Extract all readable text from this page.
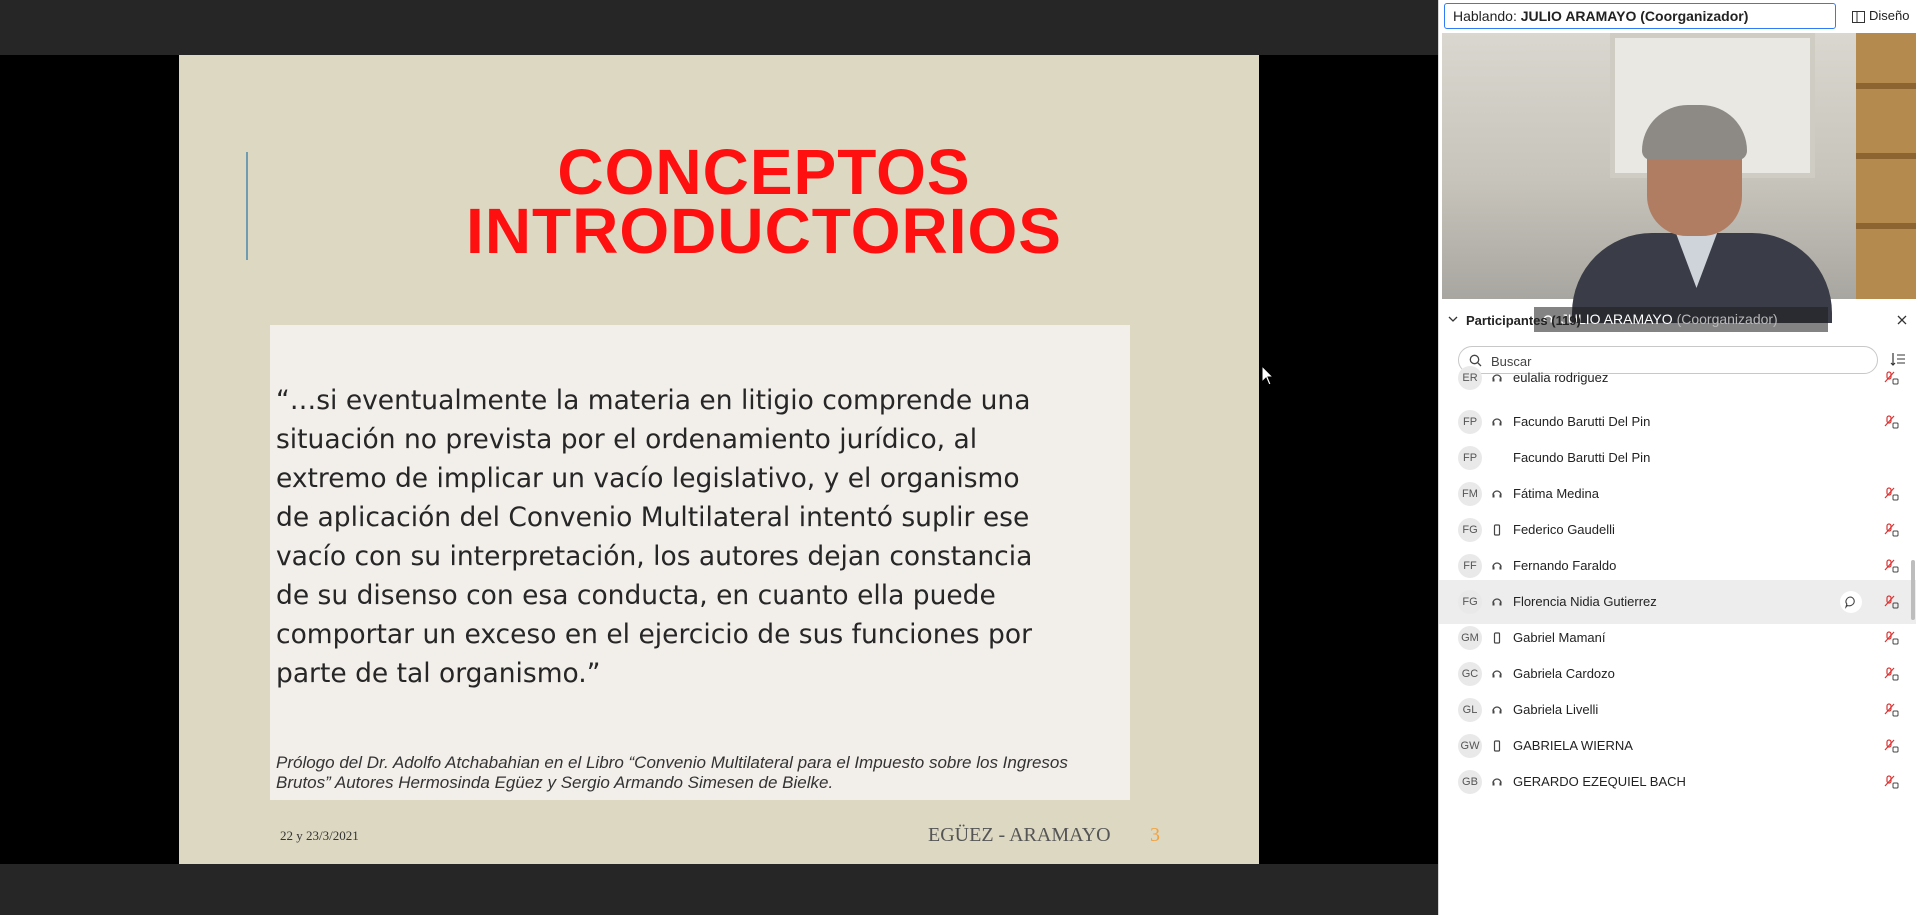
CONCEPTOS
INTRODUCTORIOS
“…si eventualmente la materia en litigio comprende una
situación no prevista por el ordenamiento jurídico, al
extremo de implicar un vacío legislativo, y el organismo
de aplicación del Convenio Multilateral intentó suplir ese
vacío con su interpretación, los autores dejan constancia
de su disenso con esa conducta, en cuanto ella puede
comportar un exceso en el ejercicio de sus funciones por
parte de tal organismo.”
Prólogo del Dr. Adolfo Atchabahian en el Libro “Convenio Multilateral para el Impuesto sobre los Ingresos
Brutos” Autores Hermosinda Egüez y Sergio Armando Simesen de Bielke.
22 y 23/3/2021	EGÜEZ - ARAMAYO 3
Hablando: JULIO ARAMAYO (Coorganizador)	Diseño
JULIO ARAMAYO (Coorganizador)
Participantes (119)
Buscar
ER	eulalia rodriguez
FP	Facundo Barutti Del Pin
FP	Facundo Barutti Del Pin
FM	Fátima Medina
FG	Federico Gaudelli
FF	Fernando Faraldo
FG	Florencia Nidia Gutierrez
GM	Gabriel Mamaní
GC	Gabriela Cardozo
GL	Gabriela Livelli
GW	GABRIELA WIERNA
GB	GERARDO EZEQUIEL BACH
